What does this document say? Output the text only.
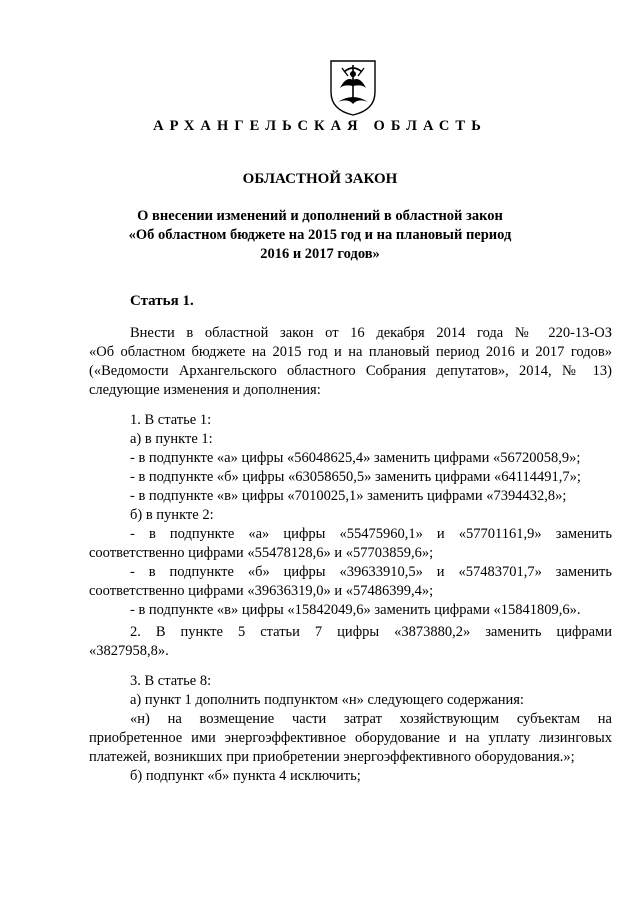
АРХАНГЕЛЬСКАЯ ОБЛАСТЬ
ОБЛАСТНОЙ ЗАКОН
О внесении изменений и дополнений в областной закон
«Об областном бюджете на 2015 год и на плановый период
2016 и 2017 годов»
Статья 1.
Внести в областной закон от 16 декабря 2014 года № 220-13-ОЗ
«Об областном бюджете на 2015 год и на плановый период 2016 и 2017 годов»
(«Ведомости Архангельского областного Собрания депутатов», 2014, № 13)
следующие изменения и дополнения:
1. В статье 1:
а) в пункте 1:
- в подпункте «а» цифры «56048625,4» заменить цифрами «56720058,9»;
- в подпункте «б» цифры «63058650,5» заменить цифрами «64114491,7»;
- в подпункте «в» цифры «7010025,1» заменить цифрами «7394432,8»;
б) в пункте 2:
- в подпункте «а» цифры «55475960,1» и «57701161,9» заменить
соответственно цифрами «55478128,6» и «57703859,6»;
- в подпункте «б» цифры «39633910,5» и «57483701,7» заменить
соответственно цифрами «39636319,0» и «57486399,4»;
- в подпункте «в» цифры «15842049,6» заменить цифрами «15841809,6».
2. В пункте 5 статьи 7 цифры «3873880,2» заменить цифрами
«3827958,8».
3. В статье 8:
а) пункт 1 дополнить подпунктом «н» следующего содержания:
«н) на возмещение части затрат хозяйствующим субъектам на
приобретенное ими энергоэффективное оборудование и на уплату лизинговых
платежей, возникших при приобретении энергоэффективного оборудования.»;
б) подпункт «б» пункта 4 исключить;
